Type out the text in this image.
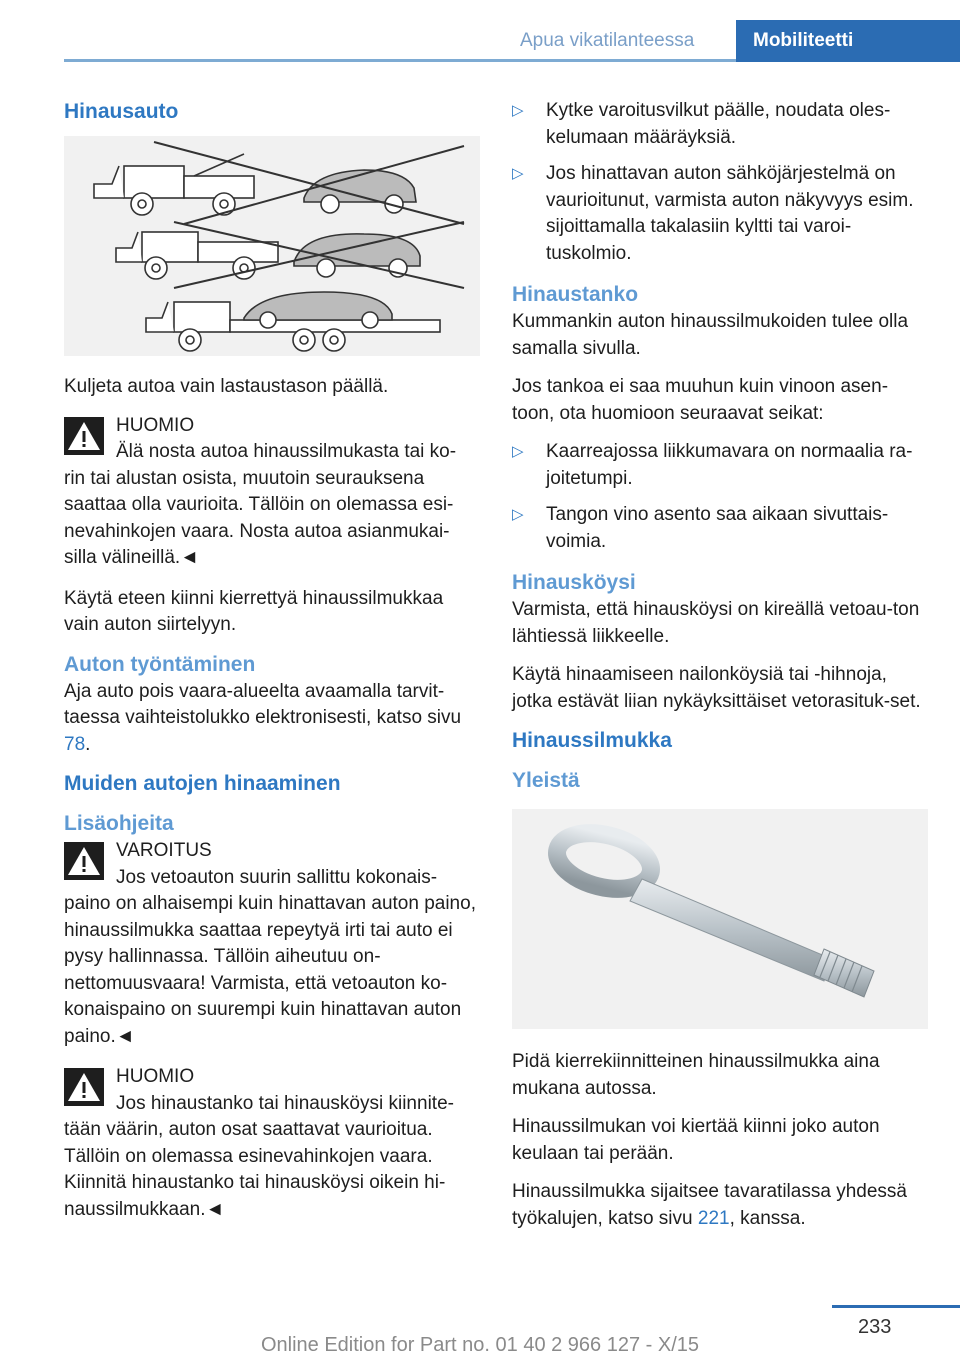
Apua vikatilanteessa	Mobiliteetti
Hinausauto

Kuljeta autoa vain lastaustason päällä.

HUOMIO

Älä nosta autoa hinaussilmukasta tai ko-

rin tai alustan osista, muutoin seurauksena saattaa olla vaurioita. Tällöin on olemassa esi-nevahinkojen vaara. Nosta autoa asianmukai-silla välineillä.◄

Käytä eteen kiinni kierrettyä hinaussilmukkaa vain auton siirtelyyn.

Auton työntäminen

Aja auto pois vaara-alueelta avaamalla tarvit-taessa vaihteistolukko elektronisesti, katso sivu 78.

Muiden autojen hinaaminen
Lisäohjeita

VAROITUS

Jos vetoauton suurin sallittu kokonais-

paino on alhaisempi kuin hinattavan auton paino, hinaussilmukka saattaa repeytyä irti tai auto ei pysy hallinnassa. Tällöin aiheutuu on-nettomuusvaara! Varmista, että vetoauton ko-konaispaino on suurempi kuin hinattavan auton paino.◄

HUOMIO

Jos hinaustanko tai hinausköysi kiinnite-

tään väärin, auton osat saattavat vaurioitua. Tällöin on olemassa esinevahinkojen vaara. Kiinnitä hinaustanko tai hinausköysi oikein hi-naussilmukkaan.◄

▷ Kytke varoitusvilkut päälle, noudata oles-kelumaan määräyksiä.
▷ Jos hinattavan auton sähköjärjestelmä on vaurioitunut, varmista auton näkyvyys esim. sijoittamalla takalasiin kyltti tai varoi-tuskolmio.
Hinaustanko

Kummankin auton hinaussilmukoiden tulee olla samalla sivulla.

Jos tankoa ei saa muuhun kuin vinoon asen-toon, ota huomioon seuraavat seikat:

▷ Kaarreajossa liikkumavara on normaalia ra-joitetumpi.
▷ Tangon vino asento saa aikaan sivuttais-voimia.
Hinausköysi

Varmista, että hinausköysi on kireällä vetoau-ton lähtiessä liikkeelle.

Käytä hinaamiseen nailonköysiä tai -hihnoja, jotka estävät liian nykäyksittäiset vetorasituk-set.

Hinaussilmukka
Yleistä

Pidä kierrekiinnitteinen hinaussilmukka aina mukana autossa.

Hinaussilmukan voi kiertää kiinni joko auton keulaan tai perään.

Hinaussilmukka sijaitsee tavaratilassa yhdessä työkalujen, katso sivu 221, kanssa.

233
Online Edition for Part no. 01 40 2 966 127 - X/15
